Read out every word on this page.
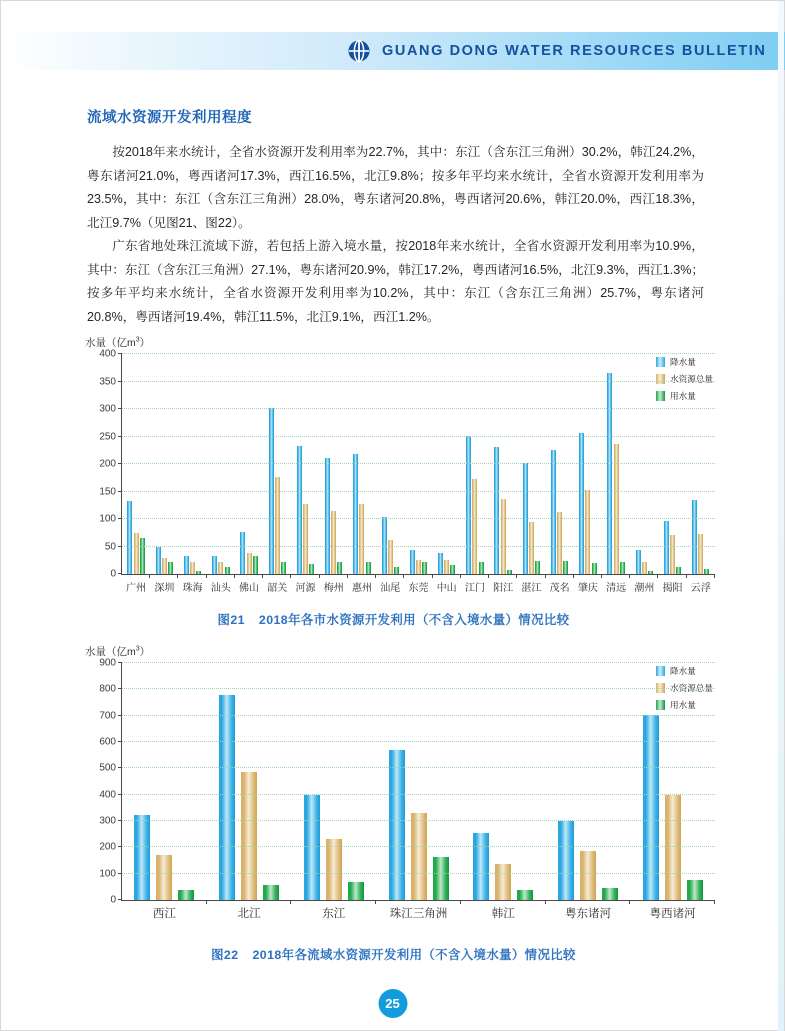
GUANG DONG WATER RESOURCES BULLETIN
流域水资源开发利用程度

按2018年来水统计，全省水资源开发利用率为22.7%，其中：东江（含东江三角洲）30.2%，韩江24.2%，粤东诸河21.0%，粤西诸河17.3%，西江16.5%，北江9.8%；按多年平均来水统计，全省水资源开发利用率为23.5%，其中：东江（含东江三角洲）28.0%，粤东诸河20.8%，粤西诸河20.6%，韩江20.0%，西江18.3%，北江9.7%（见图21、图22）。

广东省地处珠江流域下游，若包括上游入境水量，按2018年来水统计，全省水资源开发利用率为10.9%，其中：东江（含东江三角洲）27.1%，粤东诸河20.9%，韩江17.2%，粤西诸河16.5%，北江9.3%，西江1.3%；按多年平均来水统计，全省水资源开发利用率为10.2%，其中：东江（含东江三角洲）25.7%，粤东诸河20.8%，粤西诸河19.4%，韩江11.5%，北江9.1%，西江1.2%。

水量（亿$m^3$）
广州 深圳 珠海 汕头 佛山 韶关 河源 梅州 惠州 汕尾 东莞 中山 江门 阳江 湛江 茂名 肇庆 清远 潮州 揭阳 云浮
降水量
水资源总量
用水量
0
50
100
150
200
250
300
350
400
图21 2018年各市水资源开发利用（不含入境水量）情况比较
水量（亿$m^3$）
西江	北江	东江	珠江三角洲	韩江	粤东诸河	粤西诸河
降水量
水资源总量
用水量
0
100
200
300
400
500
600
700
800
900
图22 2018年各流域水资源开发利用（不含入境水量）情况比较
25
